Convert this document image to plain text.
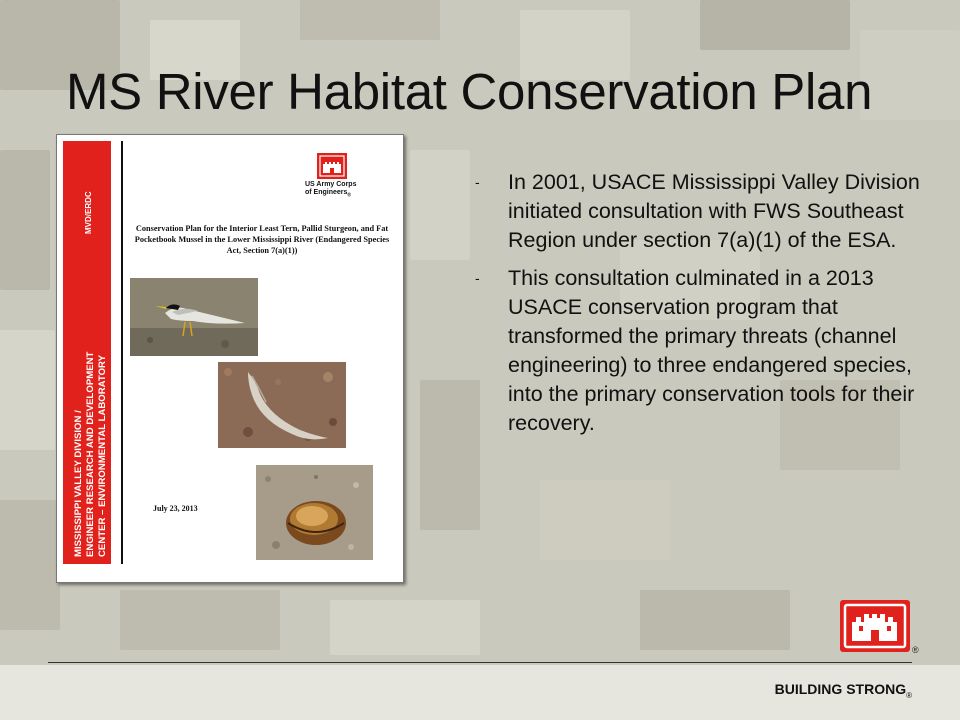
MS River Habitat Conservation Plan
MVD/ERDC
MISSISSIPPI VALLEY DIVISION / ENGINEER RESEARCH AND DEVELOPMENT CENTER – ENVIRONMENTAL LABORATORY

US Army Corps
of Engineers$_®$

Conservation Plan for the Interior Least Tern, Pallid Sturgeon, and Fat Pocketbook Mussel in the Lower Mississippi River (Endangered Species Act, Section 7(a)(1))

July 23, 2013

- In 2001, USACE Mississippi Valley Division initiated consultation with FWS Southeast Region under section 7(a)(1) of the ESA.
- This consultation culminated in a 2013 USACE conservation program that transformed the primary threats (channel engineering) to three endangered species, into the primary conservation tools for their recovery.

®

BUILDING $STRONG_®$
